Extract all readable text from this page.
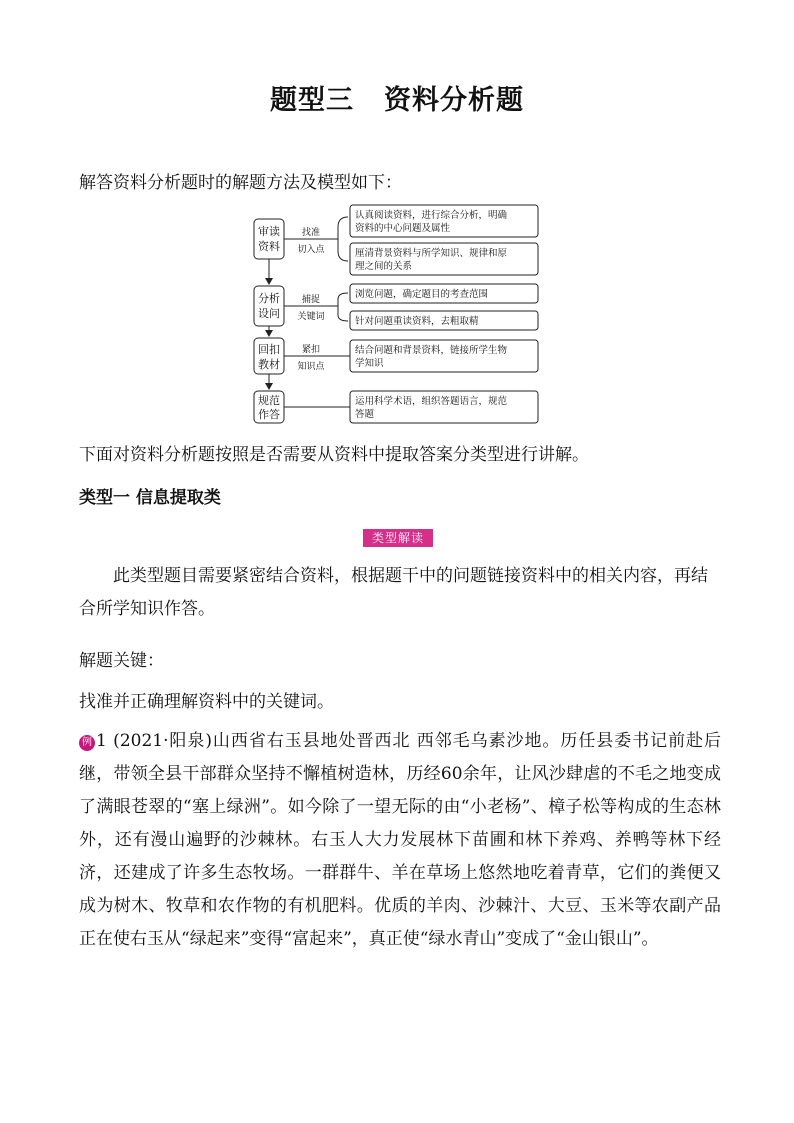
题型三 资料分析题
解答资料分析题时的解题方法及模型如下：
审读
资料
分析
设问
回扣
教材
规范
作答
找准
切入点
捕捉
关键词
紧扣
知识点
认真阅读资料，进行综合分析，明确
资料的中心问题及属性
厘清背景资料与所学知识、规律和原
理之间的关系
浏览问题，确定题目的考查范围
针对问题重读资料，去粗取精
结合问题和背景资料，链接所学生物
学知识
运用科学术语，组织答题语言，规范
答题
下面对资料分析题按照是否需要从资料中提取答案分类型进行讲解。
类型一 信息提取类
类型解读
此类型题目需要紧密结合资料，根据题干中的问题链接资料中的相关内容，再结合所学知识作答。
解题关键：
找准并正确理解资料中的关键词。
例 1 (2021·阳泉)山西省右玉县地处晋西北 西邻毛乌素沙地。历任县委书记前赴后继，带领全县干部群众坚持不懈植树造林，历经60余年，让风沙肆虐的不毛之地变成了满眼苍翠的“塞上绿洲”。如今除了一望无际的由“小老杨”、樟子松等构成的生态林外，还有漫山遍野的沙棘林。右玉人大力发展林下苗圃和林下养鸡、养鸭等林下经济，还建成了许多生态牧场。一群群牛、羊在草场上悠然地吃着青草，它们的粪便又成为树木、牧草和农作物的有机肥料。优质的羊肉、沙棘汁、大豆、玉米等农副产品正在使右玉从“绿起来”变得“富起来”，真正使“绿水青山”变成了“金山银山”。
